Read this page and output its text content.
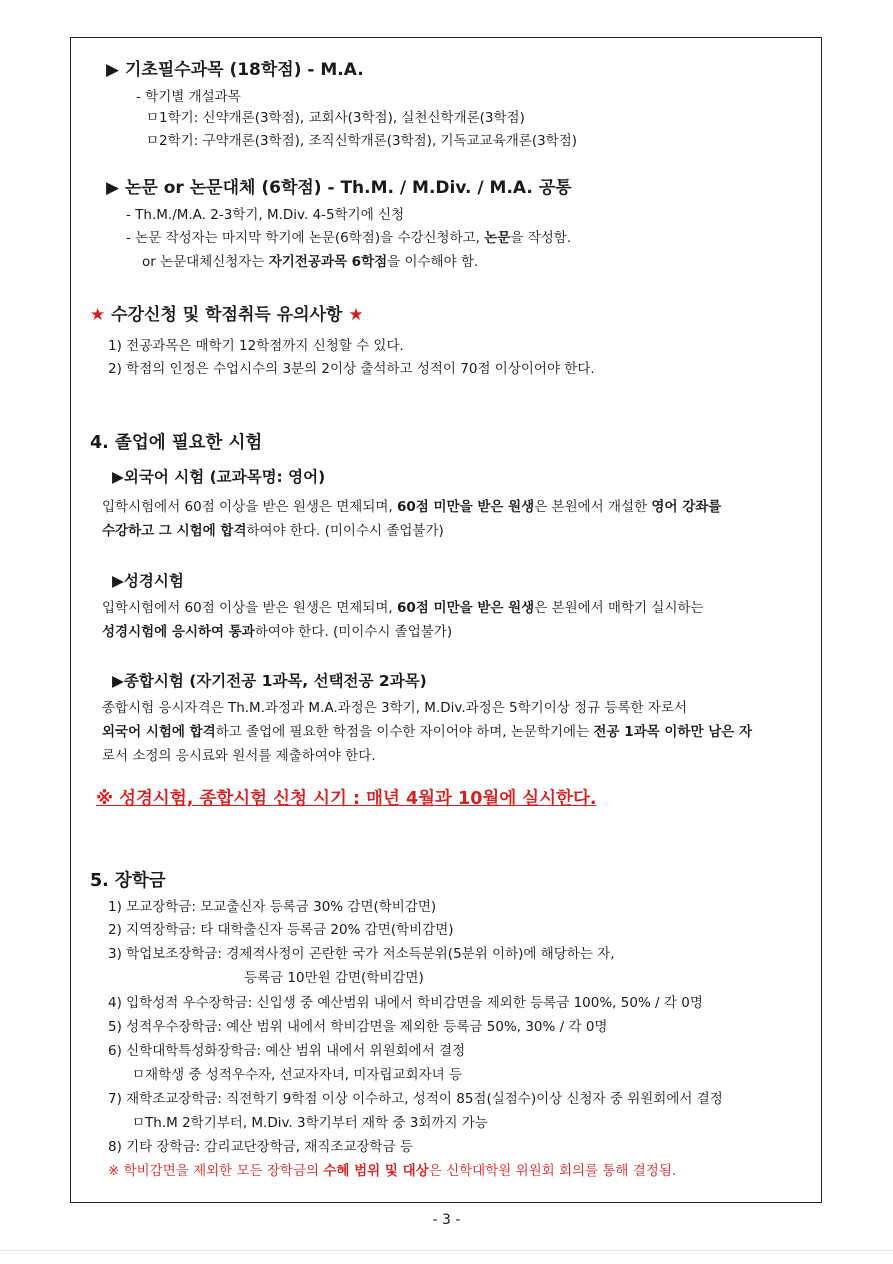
▶ 기초필수과목 (18학점) - M.A.
- 학기별 개설과목
ㅁ1학기: 신약개론(3학점), 교회사(3학점), 실천신학개론(3학점)
ㅁ2학기: 구약개론(3학점), 조직신학개론(3학점), 기독교교육개론(3학점)
▶ 논문 or 논문대체 (6학점) - Th.M. / M.Div. / M.A. 공통
- Th.M./M.A. 2-3학기, M.Div. 4-5학기에 신청
- 논문 작성자는 마지막 학기에 논문(6학점)을 수강신청하고, 논문을 작성함.
or 논문대체신청자는 자기전공과목 6학점을 이수해야 함.
★ 수강신청 및 학점취득 유의사항 ★
1) 전공과목은 매학기 12학점까지 신청할 수 있다.
2) 학점의 인정은 수업시수의 3분의 2이상 출석하고 성적이 70점 이상이어야 한다.
4. 졸업에 필요한 시험
▶외국어 시험 (교과목명: 영어)
입학시험에서 60점 이상을 받은 원생은 면제되며, 60점 미만을 받은 원생은 본원에서 개설한 영어 강좌를
수강하고 그 시험에 합격하여야 한다. (미이수시 졸업불가)
▶성경시험
입학시험에서 60점 이상을 받은 원생은 면제되며, 60점 미만을 받은 원생은 본원에서 매학기 실시하는
성경시험에 응시하여 통과하여야 한다. (미이수시 졸업불가)
▶종합시험 (자기전공 1과목, 선택전공 2과목)
종합시험 응시자격은 Th.M.과정과 M.A.과정은 3학기, M.Div.과정은 5학기이상 정규 등록한 자로서
외국어 시험에 합격하고 졸업에 필요한 학점을 이수한 자이어야 하며, 논문학기에는 전공 1과목 이하만 남은 자
로서 소정의 응시료와 원서를 제출하여야 한다.
※ 성경시험, 종합시험 신청 시기 : 매년 4월과 10월에 실시한다.
5. 장학금
1) 모교장학금: 모교출신자 등록금 30% 감면(학비감면)
2) 지역장학금: 타 대학출신자 등록금 20% 감면(학비감면)
3) 학업보조장학금: 경제적사정이 곤란한 국가 저소득분위(5분위 이하)에 해당하는 자,
등록금 10만원 감면(학비감면)
4) 입학성적 우수장학금: 신입생 중 예산범위 내에서 학비감면을 제외한 등록금 100%, 50% / 각 0명
5) 성적우수장학금: 예산 범위 내에서 학비감면을 제외한 등록금 50%, 30% / 각 0명
6) 신학대학특성화장학금: 예산 범위 내에서 위원회에서 결정
ㅁ재학생 중 성적우수자, 선교자자녀, 미자립교회자녀 등
7) 재학조교장학금: 직전학기 9학점 이상 이수하고, 성적이 85점(실점수)이상 신청자 중 위원회에서 결정
ㅁTh.M 2학기부터, M.Div. 3학기부터 재학 중 3회까지 가능
8) 기타 장학금: 감리교단장학금, 재직조교장학금 등
※ 학비감면을 제외한 모든 장학금의 수혜 범위 및 대상은 신학대학원 위원회 회의를 통해 결정됨.
- 3 -
